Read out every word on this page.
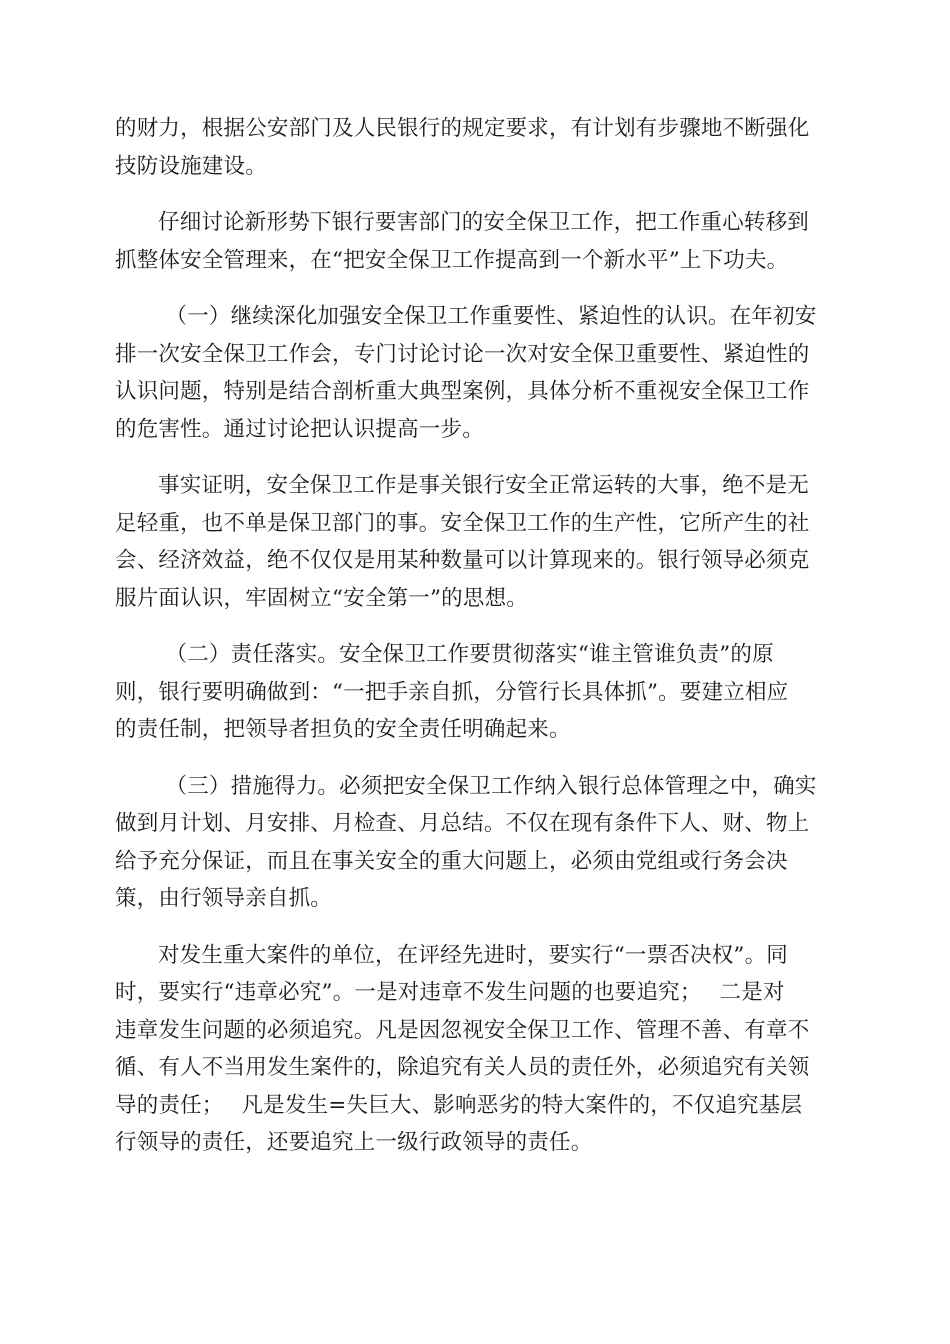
的财力，根据公安部门及人民银行的规定要求，有计划有步骤地不断强化
技防设施建设。

仔细讨论新形势下银行要害部门的安全保卫工作，把工作重心转移到
抓整体安全管理来，在“把安全保卫工作提高到一个新水平”上下功夫。

（一）继续深化加强安全保卫工作重要性、紧迫性的认识。在年初安
排一次安全保卫工作会，专门讨论讨论一次对安全保卫重要性、紧迫性的
认识问题，特别是结合剖析重大典型案例，具体分析不重视安全保卫工作
的危害性。通过讨论把认识提高一步。

事实证明，安全保卫工作是事关银行安全正常运转的大事，绝不是无
足轻重，也不单是保卫部门的事。安全保卫工作的生产性，它所产生的社
会、经济效益，绝不仅仅是用某种数量可以计算现来的。银行领导必须克
服片面认识，牢固树立“安全第一”的思想。

（二）责任落实。安全保卫工作要贯彻落实“谁主管谁负责”的原
则，银行要明确做到：“一把手亲自抓，分管行长具体抓”。要建立相应
的责任制，把领导者担负的安全责任明确起来。

（三）措施得力。必须把安全保卫工作纳入银行总体管理之中，确实
做到月计划、月安排、月检查、月总结。不仅在现有条件下人、财、物上
给予充分保证，而且在事关安全的重大问题上，必须由党组或行务会决
策，由行领导亲自抓。

对发生重大案件的单位，在评经先进时，要实行“一票否决权”。同
时，要实行“违章必究”。一是对违章不发生问题的也要追究；　 二是对
违章发生问题的必须追究。凡是因忽视安全保卫工作、管理不善、有章不
循、有人不当用发生案件的，除追究有关人员的责任外，必须追究有关领
导的责任；　 凡是发生=失巨大、影响恶劣的特大案件的，不仅追究基层
行领导的责任，还要追究上一级行政领导的责任。
